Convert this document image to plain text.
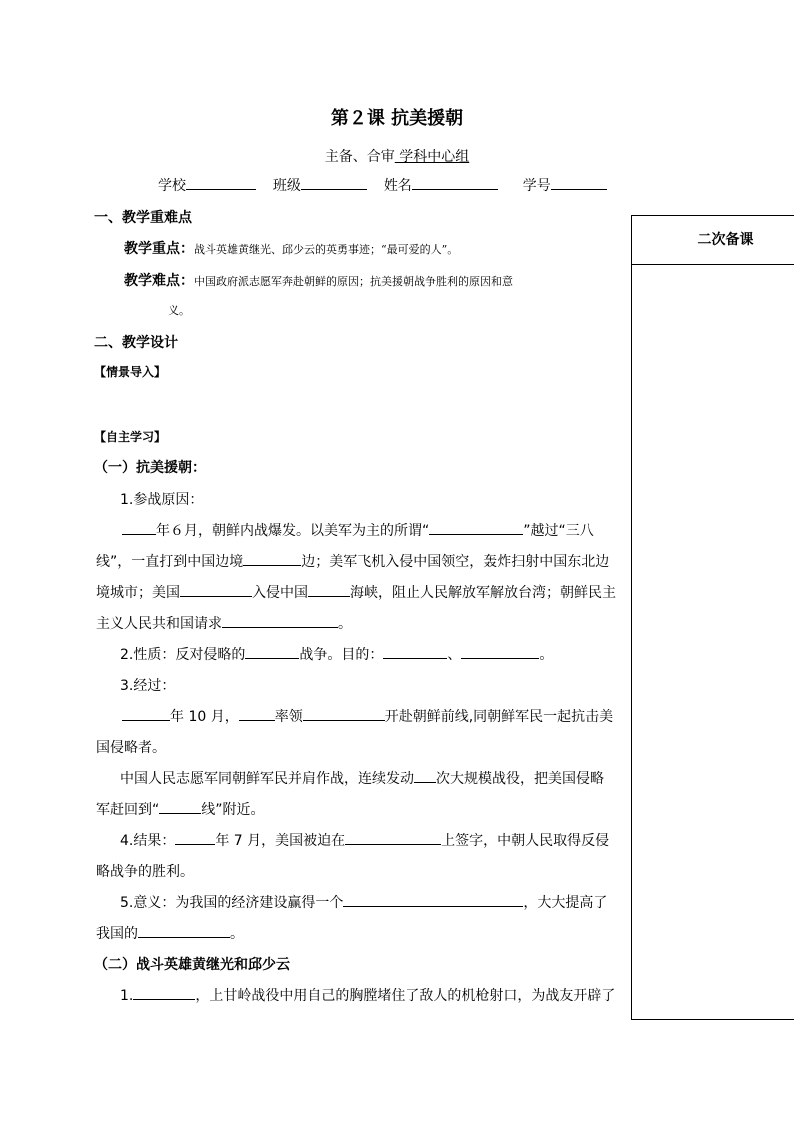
第２课 抗美援朝
主备、合审 学科中心组
学校	班级	姓名	学号
二次备课
一、教学重难点
教学重点：战斗英雄黄继光、邱少云的英勇事迹；“最可爱的人”。
教学难点：中国政府派志愿军奔赴朝鲜的原因；抗美援朝战争胜利的原因和意
义。
二、教学设计
【情景导入】
【自主学习】
（一）抗美援朝：
1.参战原因：
年６月，朝鲜内战爆发。以美军为主的所谓“	”越过“三八
线”，一直打到中国边境	边；美军飞机入侵中国领空，轰炸扫射中国东北边
境城市；美国	入侵中国	海峡，阻止人民解放军解放台湾；朝鲜民主
主义人民共和国请求	。
2.性质：反对侵略的	战争。目的：	、	。
3.经过：
年 10 月，	率领	开赴朝鲜前线,同朝鲜军民一起抗击美
国侵略者。
中国人民志愿军同朝鲜军民并肩作战，连续发动 次大规模战役，把美国侵略
军赶回到“	线”附近。
4.结果：	年 7 月，美国被迫在	上签字，中朝人民取得反侵
略战争的胜利。
5.意义：为我国的经济建设赢得一个	，大大提高了
我国的	。
（二）战斗英雄黄继光和邱少云
1.	，上甘岭战役中用自己的胸膛堵住了敌人的机枪射口，为战友开辟了
